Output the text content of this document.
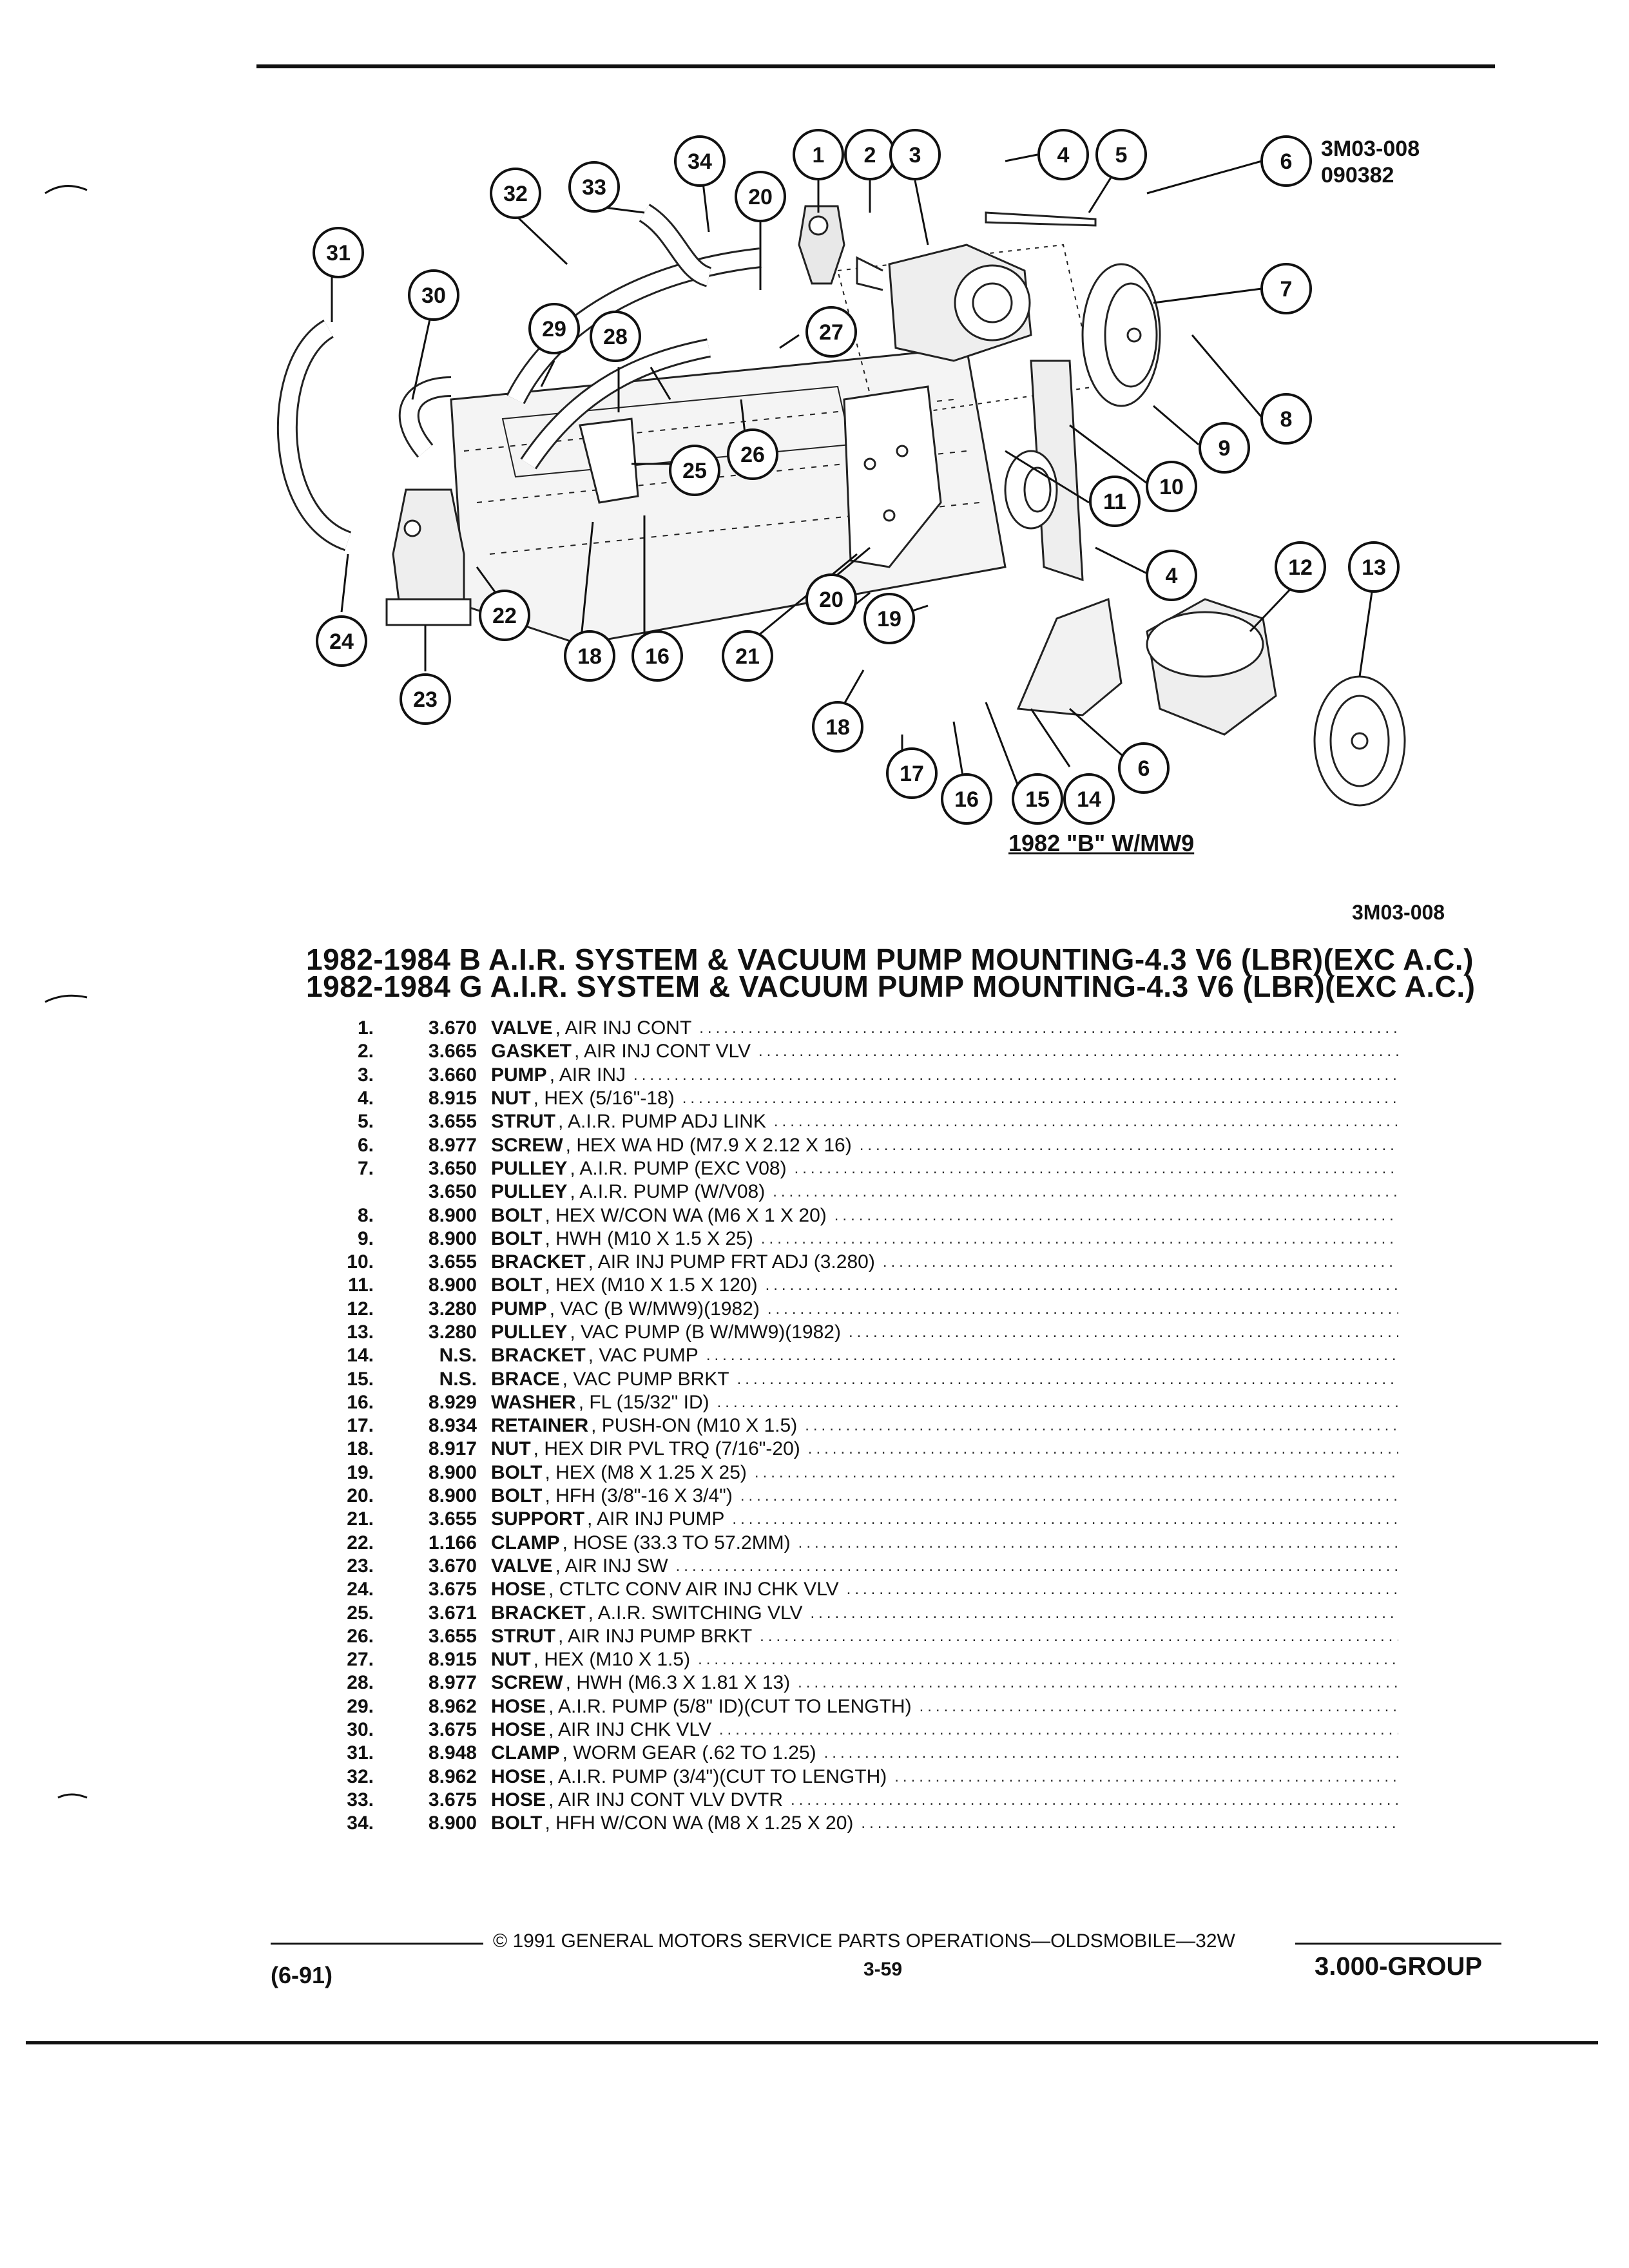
1 2 3	4 5	6
7
8
9
10
11
4	12 13
6
14
15
16
17
18
19
20
21
16
18
22
23
24
25
26
27
28
29
30
31
32 33
34
20
3M03-008
090382
1982 "B" W/MW9
3M03-008
1982-1984 B A.I.R. SYSTEM & VACUUM PUMP MOUNTING-4.3 V6 (LBR)(EXC A.C.)
1982-1984 G A.I.R. SYSTEM & VACUUM PUMP MOUNTING-4.3 V6 (LBR)(EXC A.C.)
1.	3.670 VALVE , AIR INJ CONT
.....
2.	3.665 GASKET , AIR INJ CONT VLV
.....
3.	3.660 PUMP , AIR INJ
.....
4.	8.915 NUT , HEX (5/16"-18)
.....
5.	3.655 STRUT , A.I.R. PUMP ADJ LINK
.....
6.	8.977 SCREW , HEX WA HD (M7.9 X 2.12 X 16)
.....
7.	3.650 PULLEY , A.I.R. PUMP (EXC V08)
.....
3.650 PULLEY , A.I.R. PUMP (W/V08)
.....
8.	8.900 BOLT , HEX W/CON WA (M6 X 1 X 20)
.....
9.	8.900 BOLT , HWH (M10 X 1.5 X 25)
.....
10.	3.655 BRACKET , AIR INJ PUMP FRT ADJ (3.280)
.....
11.	8.900 BOLT , HEX (M10 X 1.5 X 120)
.....
12.	3.280 PUMP , VAC (B W/MW9)(1982)
.....
13.	3.280 PULLEY , VAC PUMP (B W/MW9)(1982)
.....
14.	N.S. BRACKET , VAC PUMP
.....
15.	N.S. BRACE , VAC PUMP BRKT
.....
16.	8.929 WASHER , FL (15/32" ID)
.....
17.	8.934 RETAINER , PUSH-ON (M10 X 1.5)
.....
18.	8.917 NUT , HEX DIR PVL TRQ (7/16"-20)
.....
19.	8.900 BOLT , HEX (M8 X 1.25 X 25)
.....
20.	8.900 BOLT , HFH (3/8"-16 X 3/4")
.....
21.	3.655 SUPPORT , AIR INJ PUMP
.....
22.	1.166 CLAMP , HOSE (33.3 TO 57.2MM)
.....
23.	3.670 VALVE , AIR INJ SW
.....
24.	3.675 HOSE , CTLTC CONV AIR INJ CHK VLV
.....
25.	3.671 BRACKET , A.I.R. SWITCHING VLV
.....
26.	3.655 STRUT , AIR INJ PUMP BRKT
.....
27.	8.915 NUT , HEX (M10 X 1.5)
.....
28.	8.977 SCREW , HWH (M6.3 X 1.81 X 13)
.....
29.	8.962 HOSE , A.I.R. PUMP (5/8" ID)(CUT TO LENGTH)
.....
30.	3.675 HOSE , AIR INJ CHK VLV
.....
31.	8.948 CLAMP , WORM GEAR (.62 TO 1.25)
.....
32.	8.962 HOSE , A.I.R. PUMP (3/4")(CUT TO LENGTH)
.....
33.	3.675 HOSE , AIR INJ CONT VLV DVTR
.....
34.	8.900 BOLT , HFH W/CON WA (M8 X 1.25 X 20)
.....
© 1991 GENERAL MOTORS SERVICE PARTS OPERATIONS—OLDSMOBILE—32W
(6-91)	3-59	3.000-GROUP
